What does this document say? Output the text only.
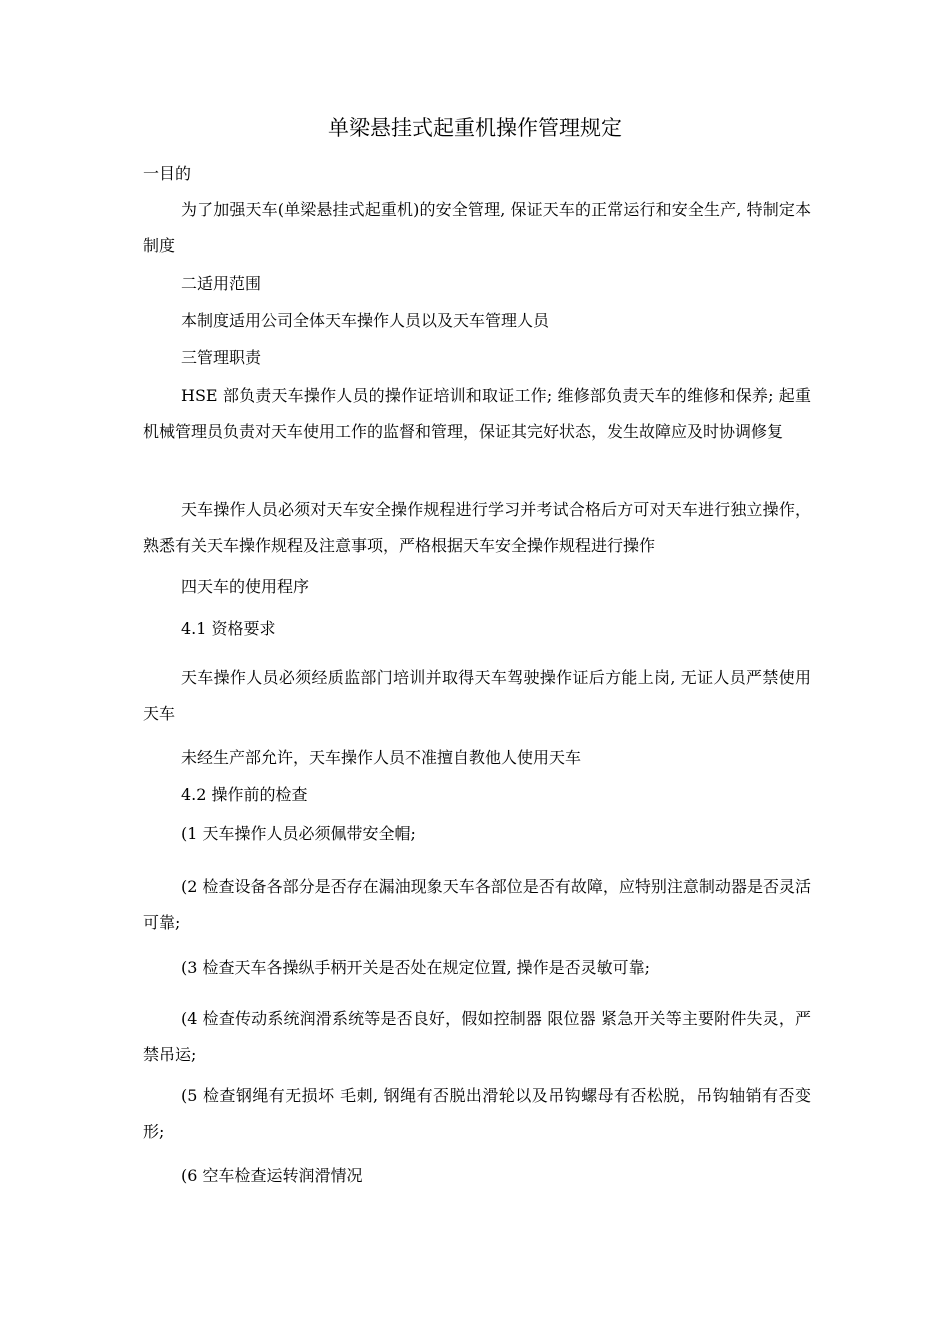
单梁悬挂式起重机操作管理规定

一目的

为了加强天车(单梁悬挂式起重机)的安全管理, 保证天车的正常运行和安全生产, 特制定本制度

二适用范围

本制度适用公司全体天车操作人员以及天车管理人员

三管理职责

HSE 部负责天车操作人员的操作证培训和取证工作; 维修部负责天车的维修和保养; 起重机械管理员负责对天车使用工作的监督和管理，保证其完好状态，发生故障应及时协调修复

天车操作人员必须对天车安全操作规程进行学习并考试合格后方可对天车进行独立操作，熟悉有关天车操作规程及注意事项，严格根据天车安全操作规程进行操作

四天车的使用程序

4.1 资格要求

天车操作人员必须经质监部门培训并取得天车驾驶操作证后方能上岗, 无证人员严禁使用天车

未经生产部允许，天车操作人员不准擅自教他人使用天车

4.2 操作前的检查

(1 天车操作人员必须佩带安全帽;

(2 检查设备各部分是否存在漏油现象天车各部位是否有故障，应特别注意制动器是否灵活可靠;

(3 检查天车各操纵手柄开关是否处在规定位置, 操作是否灵敏可靠;

(4 检查传动系统润滑系统等是否良好，假如控制器 限位器 紧急开关等主要附件失灵，严禁吊运;

(5 检查钢绳有无损坏 毛刺, 钢绳有否脱出滑轮以及吊钩螺母有否松脱，吊钩轴销有否变形;

(6 空车检查运转润滑情况
